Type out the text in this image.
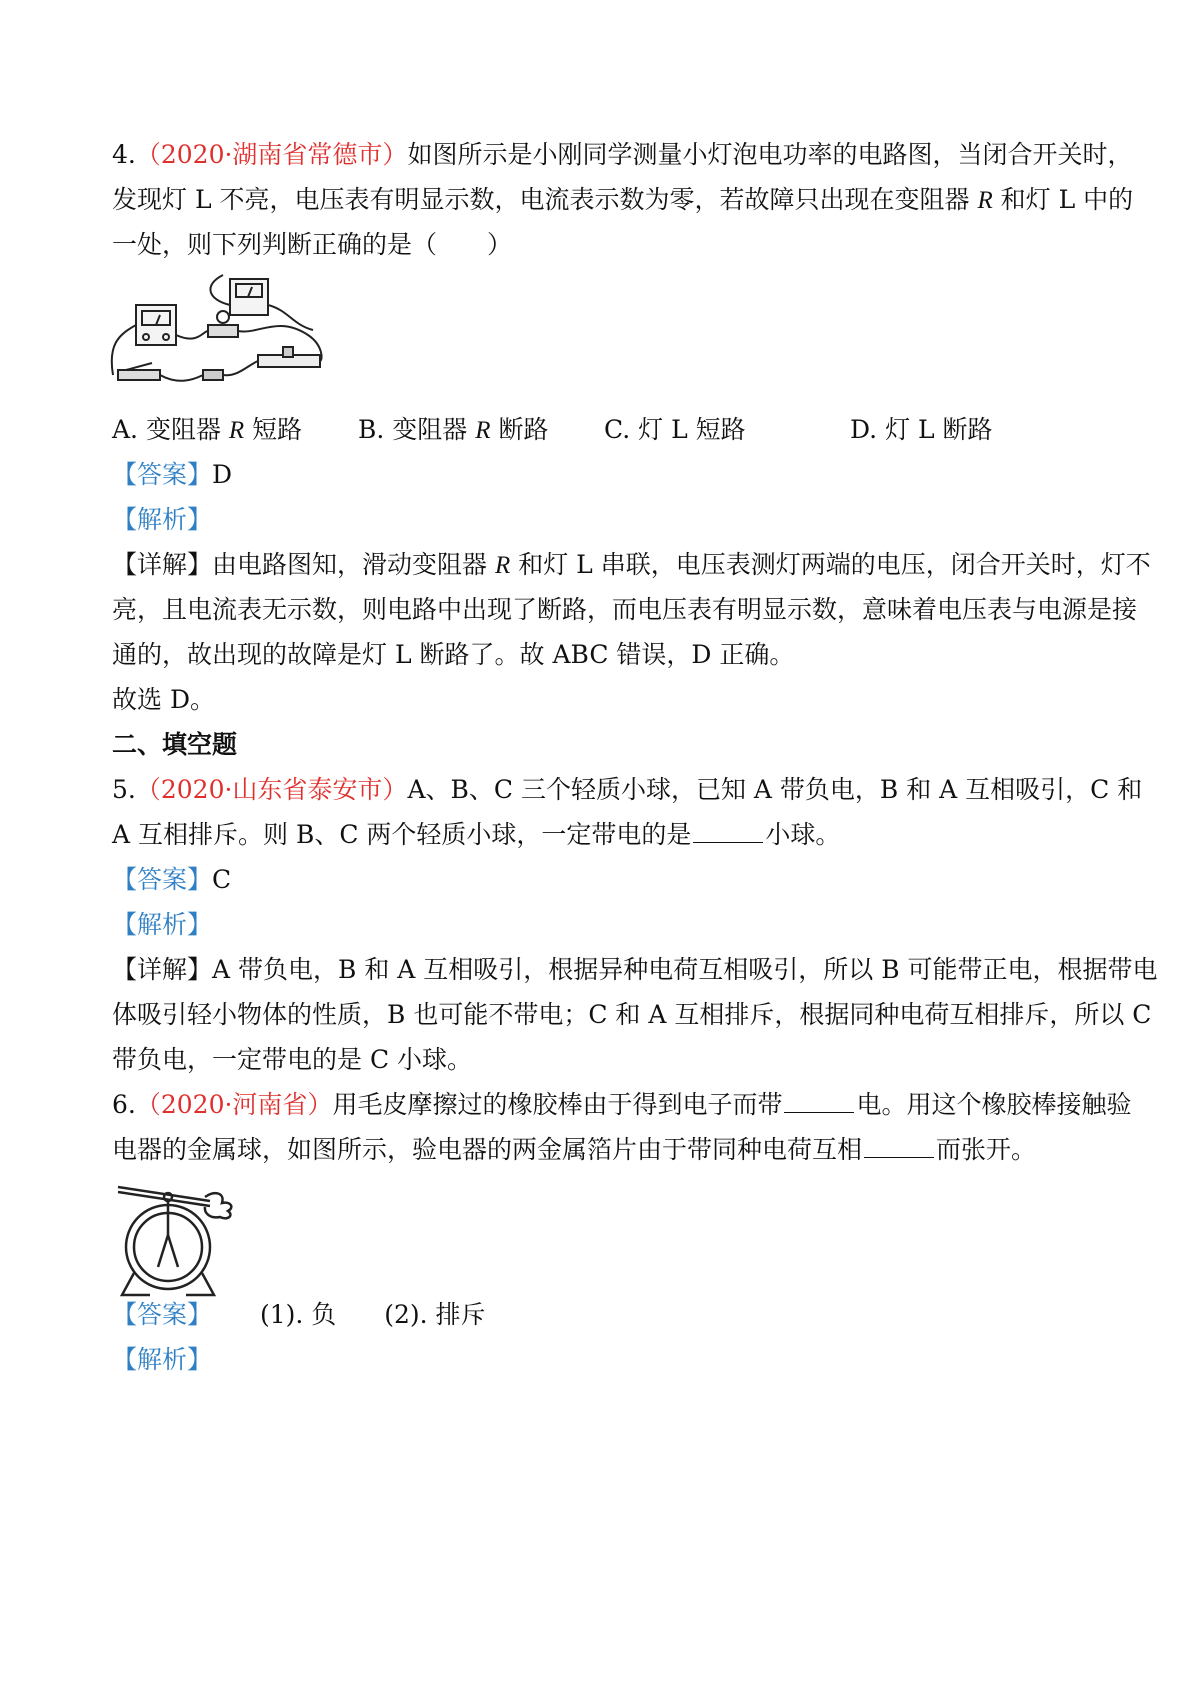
4.（2020·湖南省常德市）如图所示是小刚同学测量小灯泡电功率的电路图，当闭合开关时，
发现灯 L 不亮，电压表有明显示数，电流表示数为零，若故障只出现在变阻器 R 和灯 L 中的
一处，则下列判断正确的是（　　）
A. 变阻器 R 短路 B. 变阻器 R 断路 C. 灯 L 短路	D. 灯 L 断路
【答案】D
【解析】
【详解】由电路图知，滑动变阻器 R 和灯 L 串联，电压表测灯两端的电压，闭合开关时，灯不
亮，且电流表无示数，则电路中出现了断路，而电压表有明显示数，意味着电压表与电源是接
通的，故出现的故障是灯 L 断路了。故 ABC 错误，D 正确。
故选 D。
二、填空题
5.（2020·山东省泰安市）A、B、C 三个轻质小球，已知 A 带负电，B 和 A 互相吸引，C 和
A 互相排斥。则 B、C 两个轻质小球，一定带电的是	小球。
【答案】C
【解析】
【详解】A 带负电，B 和 A 互相吸引，根据异种电荷互相吸引，所以 B 可能带正电，根据带电
体吸引轻小物体的性质，B 也可能不带电；C 和 A 互相排斥，根据同种电荷互相排斥，所以 C
带负电，一定带电的是 C 小球。
6.（2020·河南省）用毛皮摩擦过的橡胶棒由于得到电子而带	电。用这个橡胶棒接触验
电器的金属球，如图所示，验电器的两金属箔片由于带同种电荷互相	而张开。
【答案】 (1). 负 (2). 排斥
【解析】
